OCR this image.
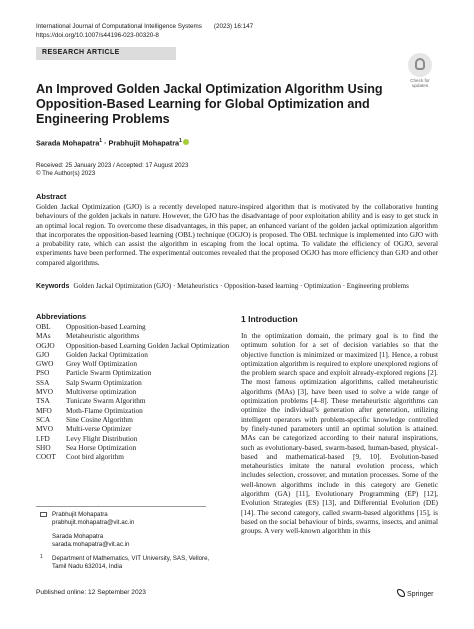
International Journal of Computational Intelligence Systems (2023) 16:147
https://doi.org/10.1007/s44196-023-00320-8
RESEARCH ARTICLE
Check for updates
An Improved Golden Jackal Optimization Algorithm Using Opposition-Based Learning for Global Optimization and Engineering Problems
Sarada Mohapatra$^1$ · Prabhujit Mohapatra$^1$
Received: 25 January 2023 / Accepted: 17 August 2023
© The Author(s) 2023
Abstract
Golden Jackal Optimization (GJO) is a recently developed nature-inspired algorithm that is motivated by the collaborative hunting behaviours of the golden jackals in nature. However, the GJO has the disadvantage of poor exploitation ability and is easy to get stuck in an optimal local region. To overcome these disadvantages, in this paper, an enhanced variant of the golden jackal optimization algorithm that incorporates the opposition-based learning (OBL) technique (OGJO) is proposed. The OBL technique is implemented into GJO with a probability rate, which can assist the algorithm in escaping from the local optima. To validate the efficiency of OGJO, several experiments have been performed. The experimental outcomes revealed that the proposed OGJO has more efficiency than GJO and other compared algorithms.
Keywords Golden Jackal Optimization (GJO) · Metaheuristics · Opposition-based learning · Optimization · Engineering problems
Abbreviations
OBL	Opposition-based Learning
MAs	Metaheuristic algorithms
OGJO	Opposition-based Learning Golden Jackal Optimization
GJO	Golden Jackal Optimization
GWO	Grey Wolf Optimization
PSO	Particle Swarm Optimization
SSA	Salp Swarm Optimization
MVO	Multiverse optimization
TSA	Tunicate Swarm Algorithm
MFO	Moth-Flame Optimization
SCA	Sine Cosine Algorithm
MVO	Multi-verse Optimizer
LFD	Levy Flight Distribution
SHO	Sea Horse Optimization
COOT	Coot bird algorithm
Prabhujit Mohapatra
prabhujit.mohapatra@vit.ac.in
Sarada Mohapatra
sarada.mohapatra@vit.ac.in
1	Department of Mathematics, VIT University, SAS, Vellore, Tamil Nadu 632014, India
1 Introduction
In the optimization domain, the primary goal is to find the optimum solution for a set of decision variables so that the objective function is minimized or maximized [1]. Hence, a robust optimization algorithm is required to explore unexplored regions of the problem search space and exploit already-explored regions [2]. The most famous optimization algorithms, called metaheuristic algorithms (MAs) [3], have been used to solve a wide range of optimization problems [4–8]. These metaheuristic algorithms can optimize the individual’s generation after generation, utilizing intelligent operators with problem-specific knowledge controlled by finely-tuned parameters until an optimal solution is attained. MAs can be categorized according to their natural inspirations, such as evolutionary-based, swarm-based, human-based, physical-based and mathematical-based [9, 10]. Evolution-based metaheuristics imitate the natural evolution process, which includes selection, crossover, and mutation processes. Some of the well-known algorithms include in this category are Genetic algorithm (GA) [11], Evolutionary Programming (EP) [12], Evolution Strategies (ES) [13], and Differential Evolution (DE) [14]. The second category, called swarm-based algorithms [15], is based on the social behaviour of birds, swarms, insects, and animal groups. A very well-known algorithm in this
Published online: 12 September 2023	Springer
